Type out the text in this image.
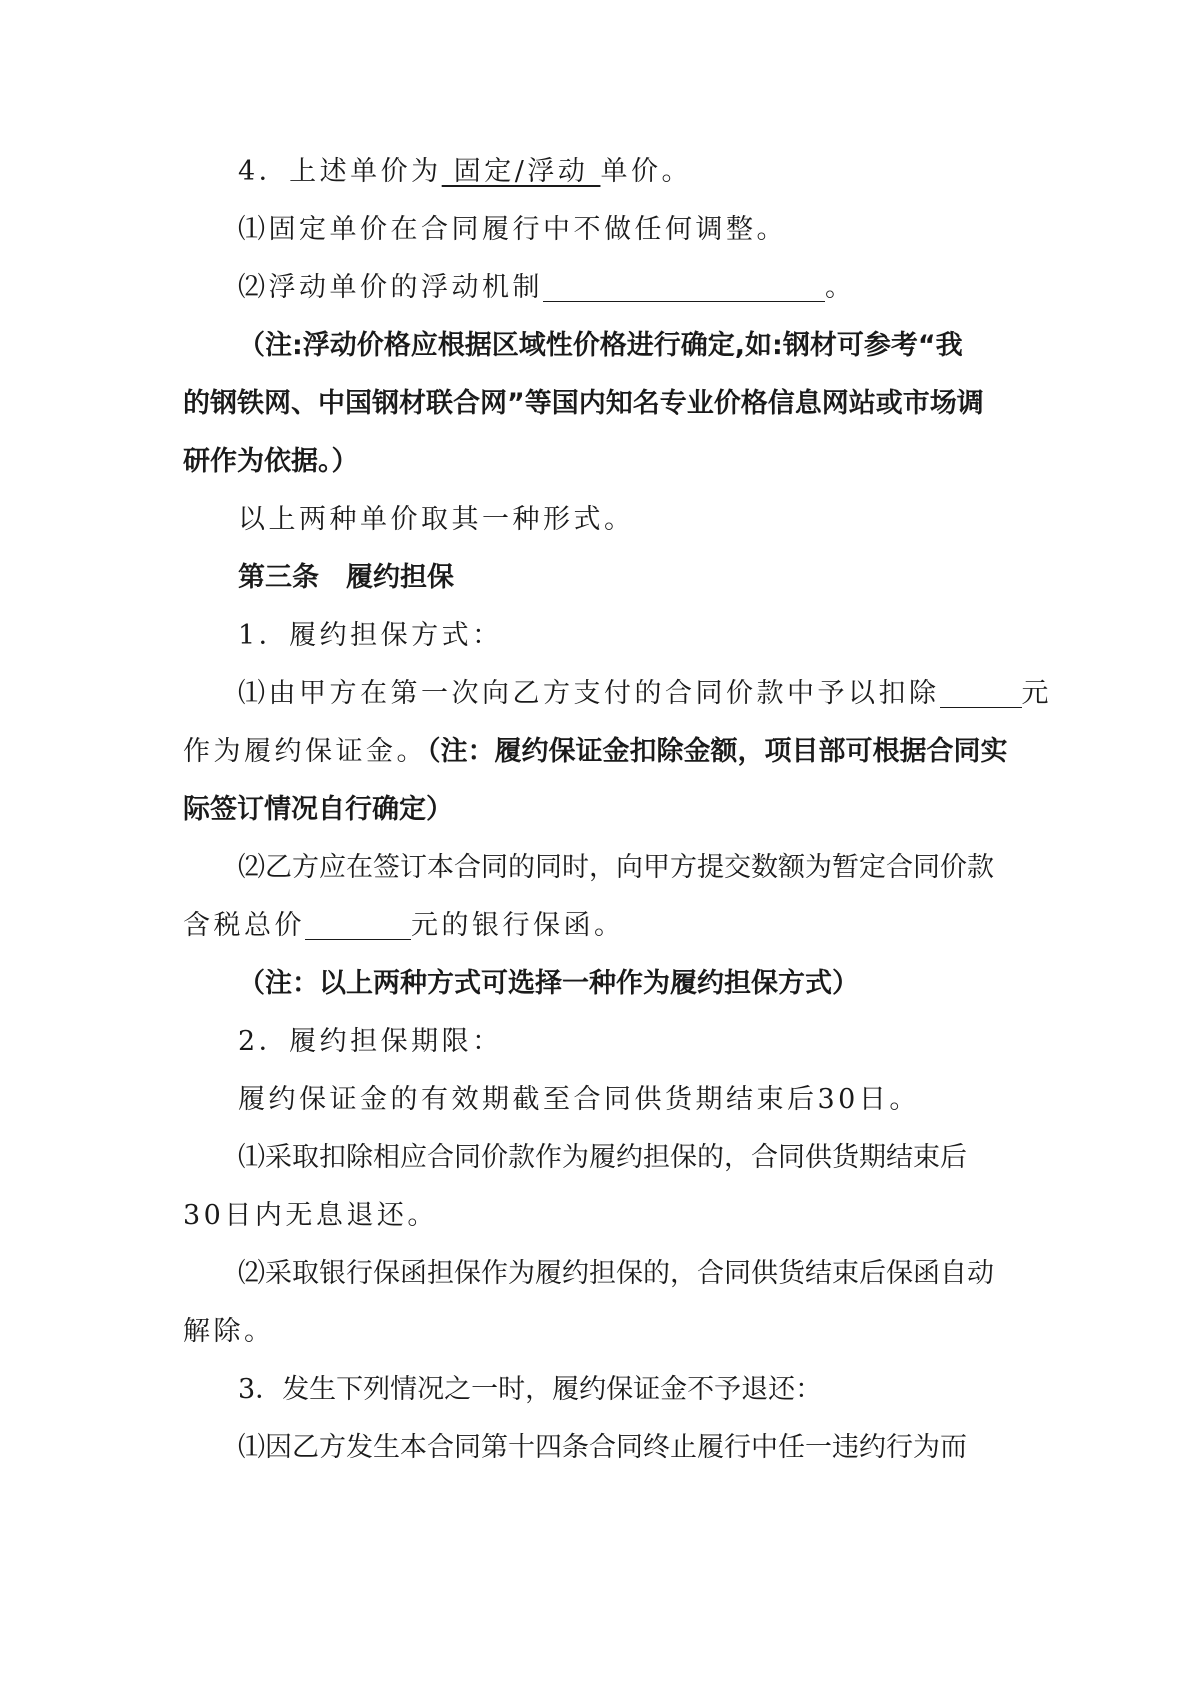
4．上述单价为 固定/浮动 单价。
⑴固定单价在合同履行中不做任何调整。
⑵浮动单价的浮动机制	。
（注:浮动价格应根据区域性价格进行确定,如:钢材可参考“我
的钢铁网、中国钢材联合网”等国内知名专业价格信息网站或市场调
研作为依据。）
以上两种单价取其一种形式。
第三条　履约担保
1．履约担保方式：
⑴由甲方在第一次向乙方支付的合同价款中予以扣除	元
作为履约保证金。（注：履约保证金扣除金额，项目部可根据合同实
际签订情况自行确定）
⑵乙方应在签订本合同的同时，向甲方提交数额为暂定合同价款
含税总价	元的银行保函。
（注：以上两种方式可选择一种作为履约担保方式）
2．履约担保期限：
履约保证金的有效期截至合同供货期结束后30日。
⑴采取扣除相应合同价款作为履约担保的，合同供货期结束后
30日内无息退还。
⑵采取银行保函担保作为履约担保的，合同供货结束后保函自动
解除。
3．发生下列情况之一时，履约保证金不予退还：
⑴因乙方发生本合同第十四条合同终止履行中任一违约行为而
